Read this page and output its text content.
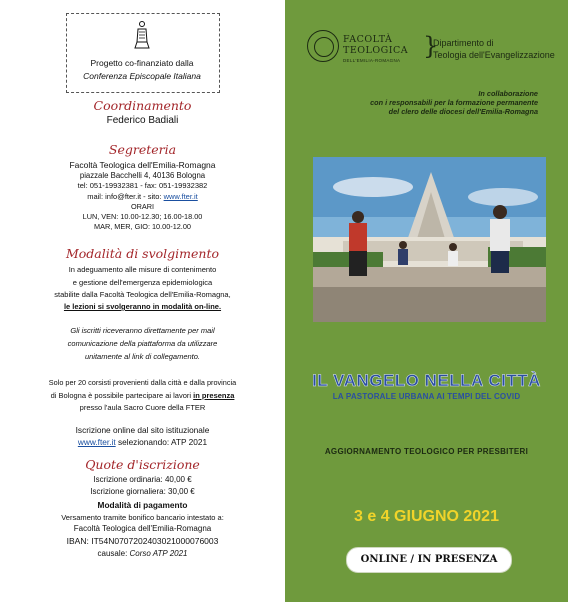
Progetto co-finanziato dalla
Conferenza Episcopale Italiana
Coordinamento
Federico Badiali
Segreteria
Facoltà Teologica dell'Emilia-Romagna
piazzale Bacchelli 4, 40136 Bologna
tel: 051-19932381 - fax: 051-19932382
mail: info@fter.it - sito: www.fter.it
ORARI
LUN, VEN: 10.00-12.30; 16.00-18.00
MAR, MER, GIO: 10.00-12.00
Modalità di svolgimento
In adeguamento alle misure di contenimento
e gestione dell'emergenza epidemiologica
stabilite dalla Facoltà Teologica dell'Emilia-Romagna,
le lezioni si svolgeranno in modalità on-line.
Gli iscritti riceveranno direttamente per mail
comunicazione della piattaforma da utilizzare
unitamente al link di collegamento.
Solo per 20 corsisti provenienti dalla città e dalla provincia
di Bologna è possibile partecipare ai lavori in presenza
presso l'aula Sacro Cuore della FTER
Iscrizione online dal sito istituzionale
www.fter.it selezionando: ATP 2021
Quote d'iscrizione
Iscrizione ordinaria: 40,00 €
Iscrizione giornaliera: 30,00 €
Modalità di pagamento
Versamento tramite bonifico bancario intestato a:
Facoltà Teologica dell'Emilia-Romagna
IBAN: IT54N0707202403021000076003
causale: Corso ATP 2021
FACOLTÀ
TEOLOGICA
DELL'EMILIA-ROMAGNA
}
Dipartimento di
Teologia dell'Evangelizzazione
In collaborazione
con i responsabili per la formazione permanente
del clero delle diocesi dell'Emilia-Romagna
IL VANGELO NELLA CITTÀ
LA PASTORALE URBANA AI TEMPI DEL COVID
AGGIORNAMENTO TEOLOGICO PER PRESBITERI
3 e 4 GIUGNO 2021
ONLINE / IN PRESENZA
